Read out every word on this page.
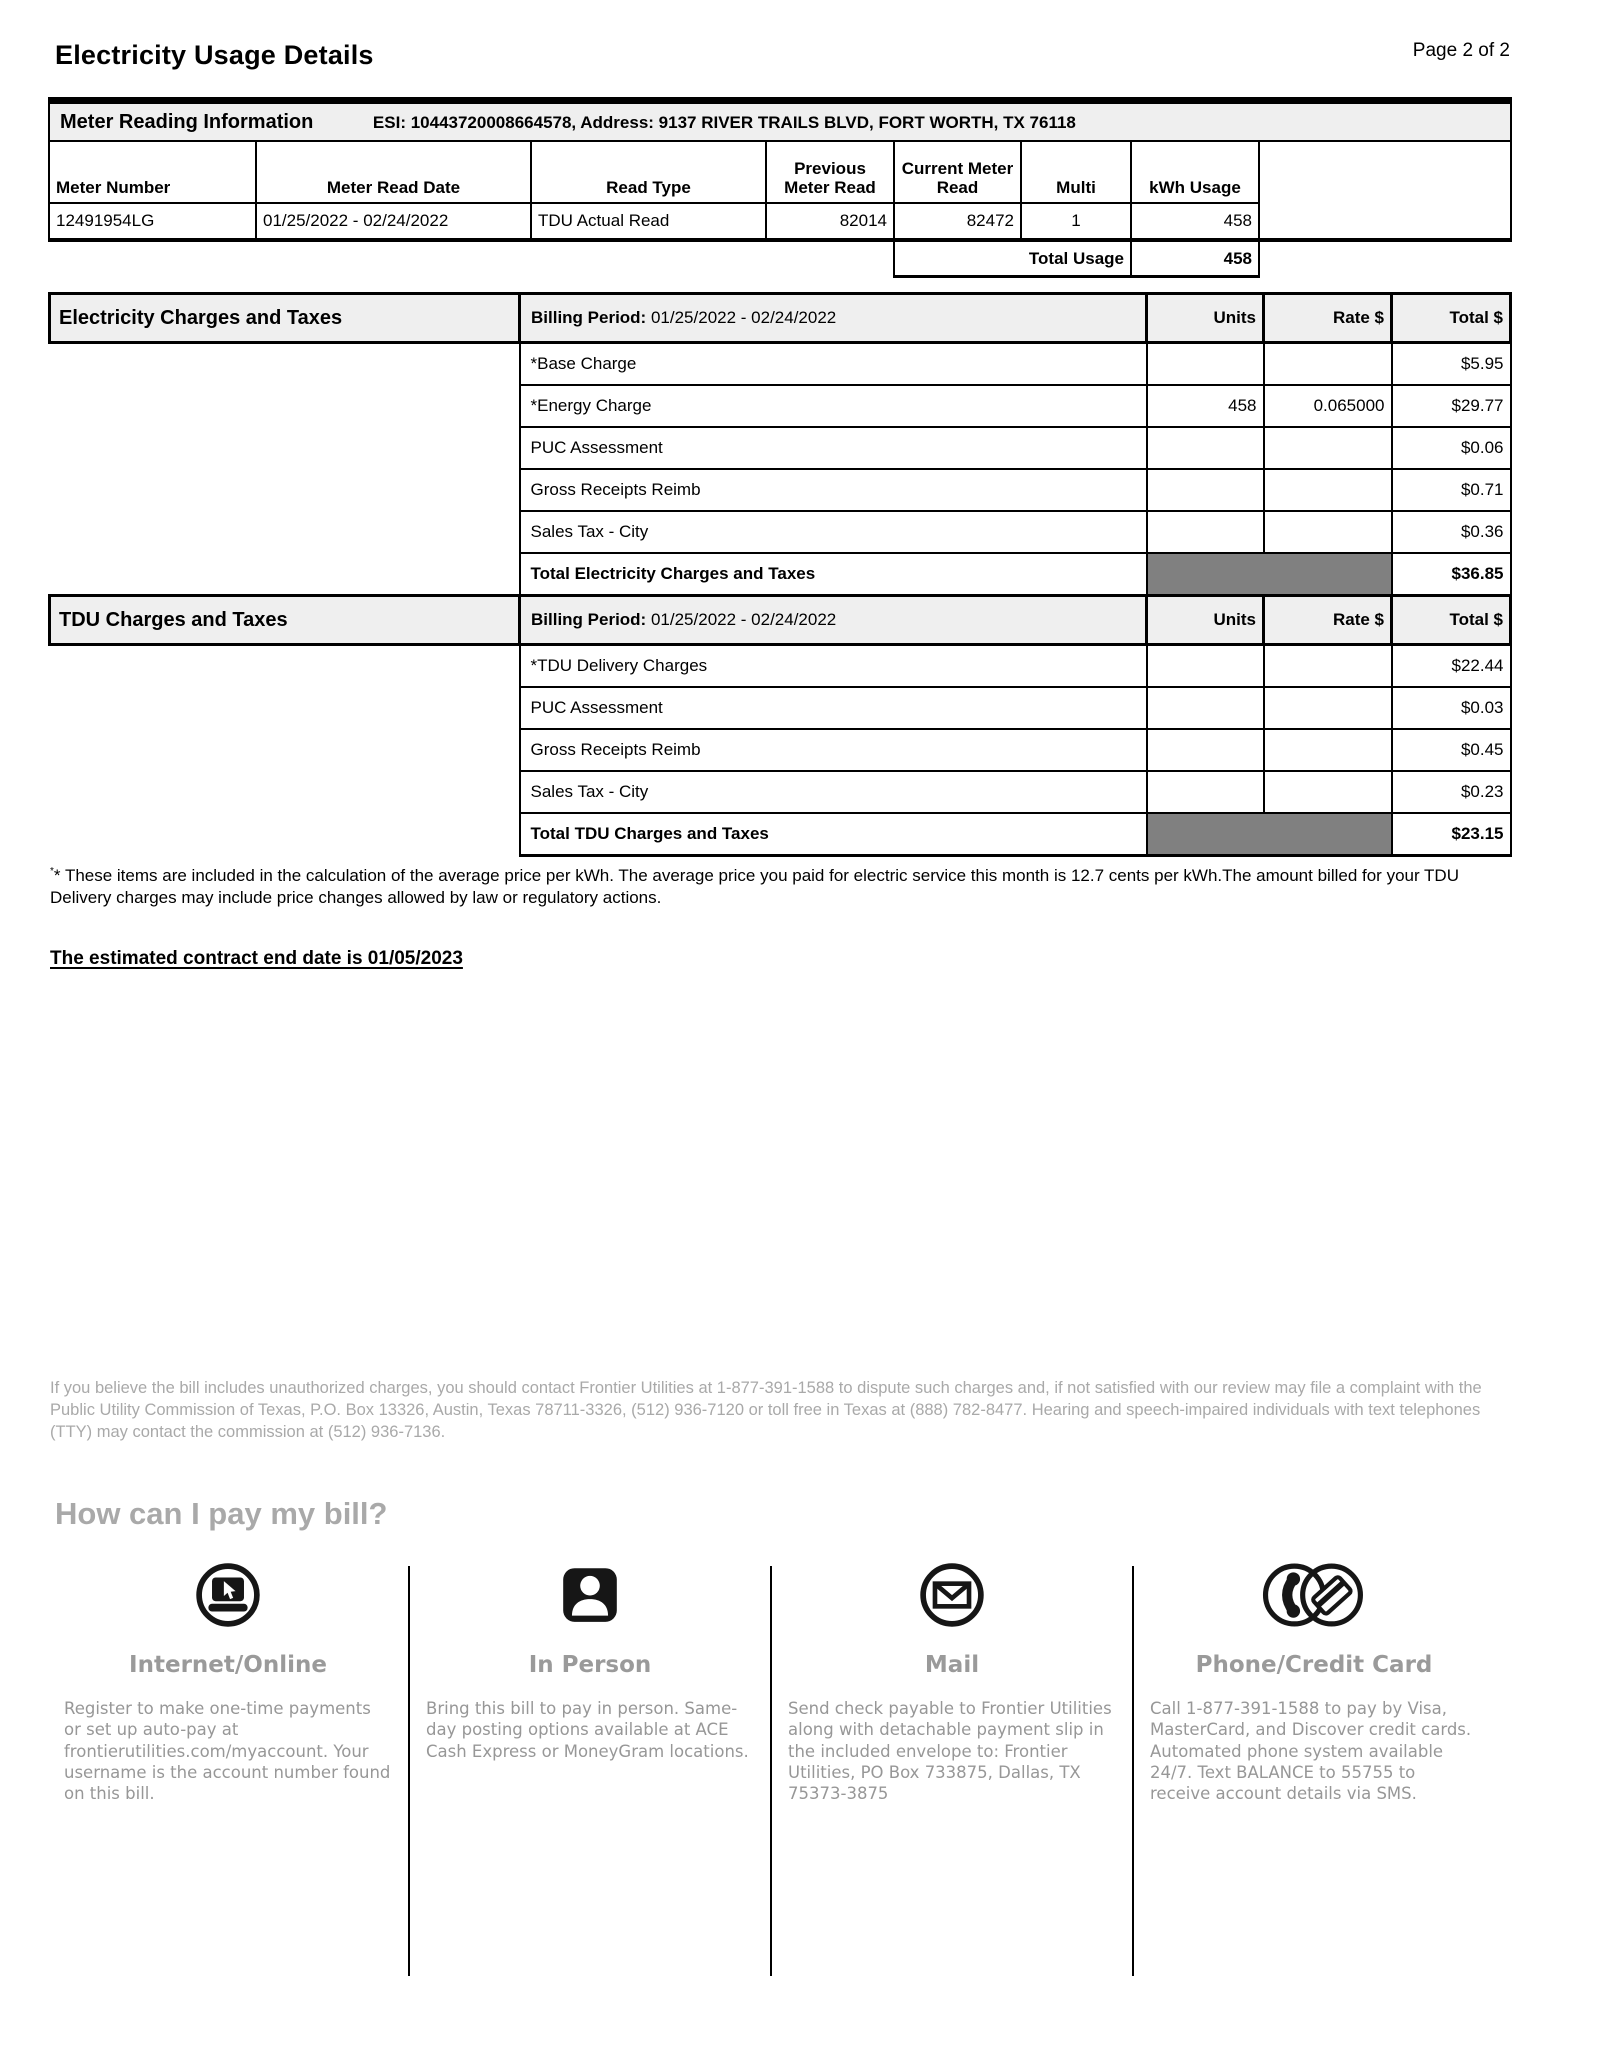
Electricity Usage Details	Page 2 of 2
Meter Reading Information ESI: 10443720008664578, Address: 9137 RIVER TRAILS BLVD, FORT WORTH, TX 76118							
Meter Number	Meter Read Date	Read Type	Previous Meter Read	Current Meter Read	Multi	kWh Usage	
12491954LG	01/25/2022 - 02/24/2022	TDU Actual Read	82014	82472	1	458	
Total Usage	458
Electricity Charges and Taxes	Billing Period: 01/25/2022 - 02/24/2022	Units	Rate $	Total $
	*Base Charge			$5.95
	*Energy Charge	458	0.065000	$29.77
	PUC Assessment			$0.06
	Gross Receipts Reimb			$0.71
	Sales Tax - City			$0.36
	Total Electricity Charges and Taxes			$36.85
TDU Charges and Taxes	Billing Period: 01/25/2022 - 02/24/2022	Units	Rate $	Total $
	*TDU Delivery Charges			$22.44
	PUC Assessment			$0.03
	Gross Receipts Reimb			$0.45
	Sales Tax - City			$0.23
	Total TDU Charges and Taxes			$23.15
** These items are included in the calculation of the average price per kWh. The average price you paid for electric service this month is 12.7 cents per kWh.The amount billed for your TDU Delivery charges may include price changes allowed by law or regulatory actions.
The estimated contract end date is 01/05/2023
If you believe the bill includes unauthorized charges, you should contact Frontier Utilities at 1-877-391-1588 to dispute such charges and, if not satisfied with our review may file a complaint with the Public Utility Commission of Texas, P.O. Box 13326, Austin, Texas 78711-3326, (512) 936-7120 or toll free in Texas at (888) 782-8477. Hearing and speech-impaired individuals with text telephones (TTY) may contact the commission at (512) 936-7136.
How can I pay my bill?
Internet/Online
Register to make one-time payments or set up auto-pay at frontierutilities.com/myaccount. Your username is the account number found on this bill.
In Person
Bring this bill to pay in person. Same-day posting options available at ACE Cash Express or MoneyGram locations.
Mail
Send check payable to Frontier Utilities along with detachable payment slip in the included envelope to: Frontier Utilities, PO Box 733875, Dallas, TX 75373-3875
Phone/Credit Card
Call 1-877-391-1588 to pay by Visa, MasterCard, and Discover credit cards. Automated phone system available 24/7. Text BALANCE to 55755 to receive account details via SMS.
